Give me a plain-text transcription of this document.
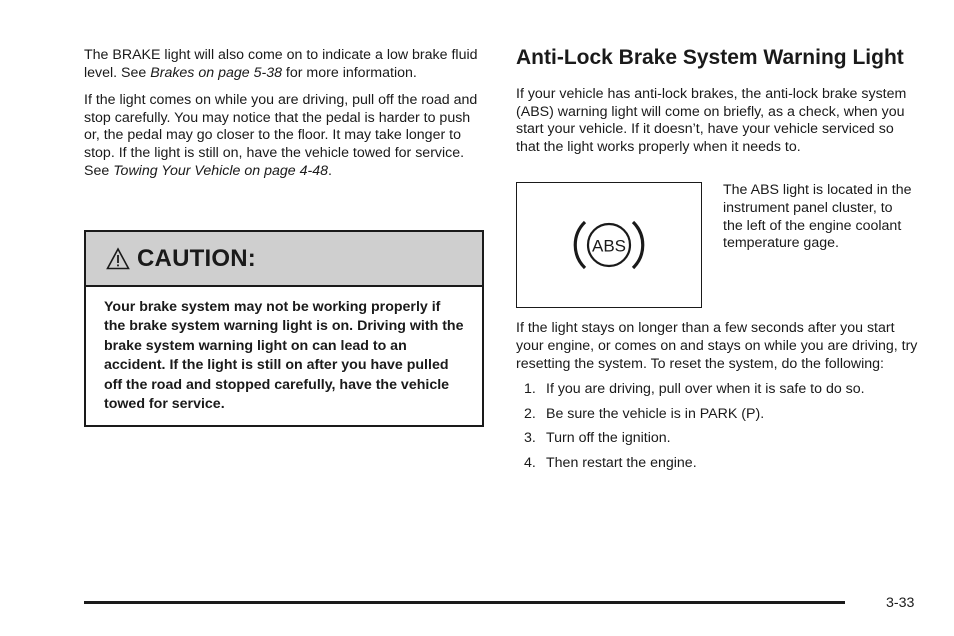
The BRAKE light will also come on to indicate a low brake fluid level. See Brakes on page 5-38 for more information.

If the light comes on while you are driving, pull off the road and stop carefully. You may notice that the pedal is harder to push or, the pedal may go closer to the floor. It may take longer to stop. If the light is still on, have the vehicle towed for service. See Towing Your Vehicle on page 4-48.

CAUTION:
Your brake system may not be working properly if the brake system warning light is on. Driving with the brake system warning light on can lead to an accident. If the light is still on after you have pulled off the road and stopped carefully, have the vehicle towed for service.
Anti-Lock Brake System Warning Light

If your vehicle has anti-lock brakes, the anti-lock brake system (ABS) warning light will come on briefly, as a check, when you start your vehicle. If it doesn’t, have your vehicle serviced so that the light works properly when it needs to.

ABS

The ABS light is located in the instrument panel cluster, to the left of the engine coolant temperature gage.

If the light stays on longer than a few seconds after you start your engine, or comes on and stays on while you are driving, try resetting the system. To reset the system, do the following:

1. If you are driving, pull over when it is safe to do so.
2. Be sure the vehicle is in PARK (P).
3. Turn off the ignition.
4. Then restart the engine.
3-33
